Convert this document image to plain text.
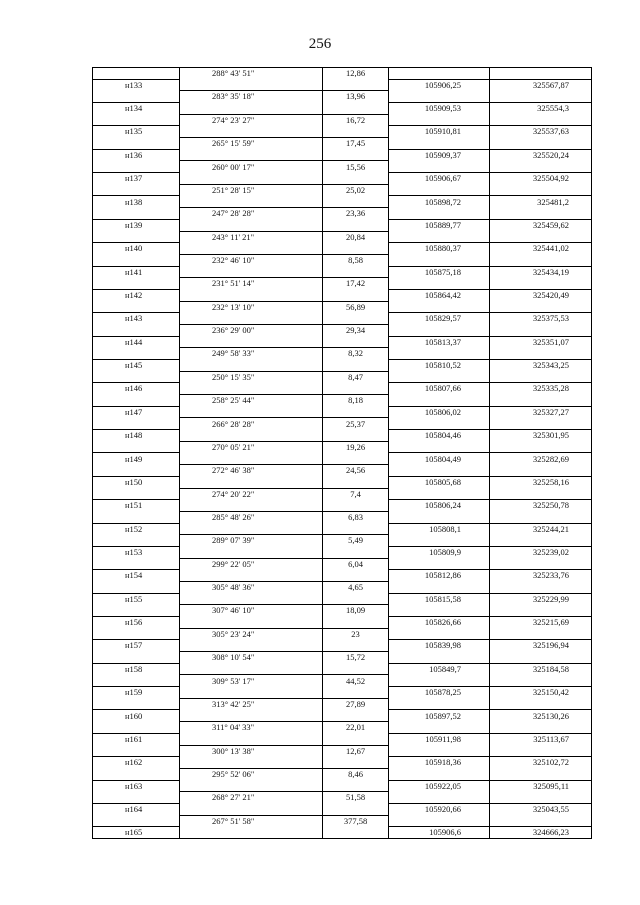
256
288° 43' 51"	12,86
н133	105906,25	325567,87
283° 35' 18"	13,96
н134	105909,53	325554,3
274° 23' 27"	16,72
н135	105910,81	325537,63
265° 15' 59"	17,45
н136	105909,37	325520,24
260° 00' 17"	15,56
н137	105906,67	325504,92
251° 28' 15"	25,02
н138	105898,72	325481,2
247° 28' 28"	23,36
н139	105889,77	325459,62
243° 11' 21"	20,84
н140	105880,37	325441,02
232° 46' 10"	8,58
н141	105875,18	325434,19
231° 51' 14"	17,42
н142	105864,42	325420,49
232° 13' 10"	56,89
н143	105829,57	325375,53
236° 29' 00"	29,34
н144	105813,37	325351,07
249° 58' 33"	8,32
н145	105810,52	325343,25
250° 15' 35"	8,47
н146	105807,66	325335,28
258° 25' 44"	8,18
н147	105806,02	325327,27
266° 28' 28"	25,37
н148	105804,46	325301,95
270° 05' 21"	19,26
н149	105804,49	325282,69
272° 46' 38"	24,56
н150	105805,68	325258,16
274° 20' 22"	7,4
н151	105806,24	325250,78
285° 48' 26"	6,83
н152	105808,1	325244,21
289° 07' 39"	5,49
н153	105809,9	325239,02
299° 22' 05"	6,04
н154	105812,86	325233,76
305° 48' 36"	4,65
н155	105815,58	325229,99
307° 46' 10"	18,09
н156	105826,66	325215,69
305° 23' 24"	23
н157	105839,98	325196,94
308° 10' 54"	15,72
н158	105849,7	325184,58
309° 53' 17"	44,52
н159	105878,25	325150,42
313° 42' 25"	27,89
н160	105897,52	325130,26
311° 04' 33"	22,01
н161	105911,98	325113,67
300° 13' 38"	12,67
н162	105918,36	325102,72
295° 52' 06"	8,46
н163	105922,05	325095,11
268° 27' 21"	51,58
н164	105920,66	325043,55
267° 51' 58"	377,58
н165	105906,6	324666,23
